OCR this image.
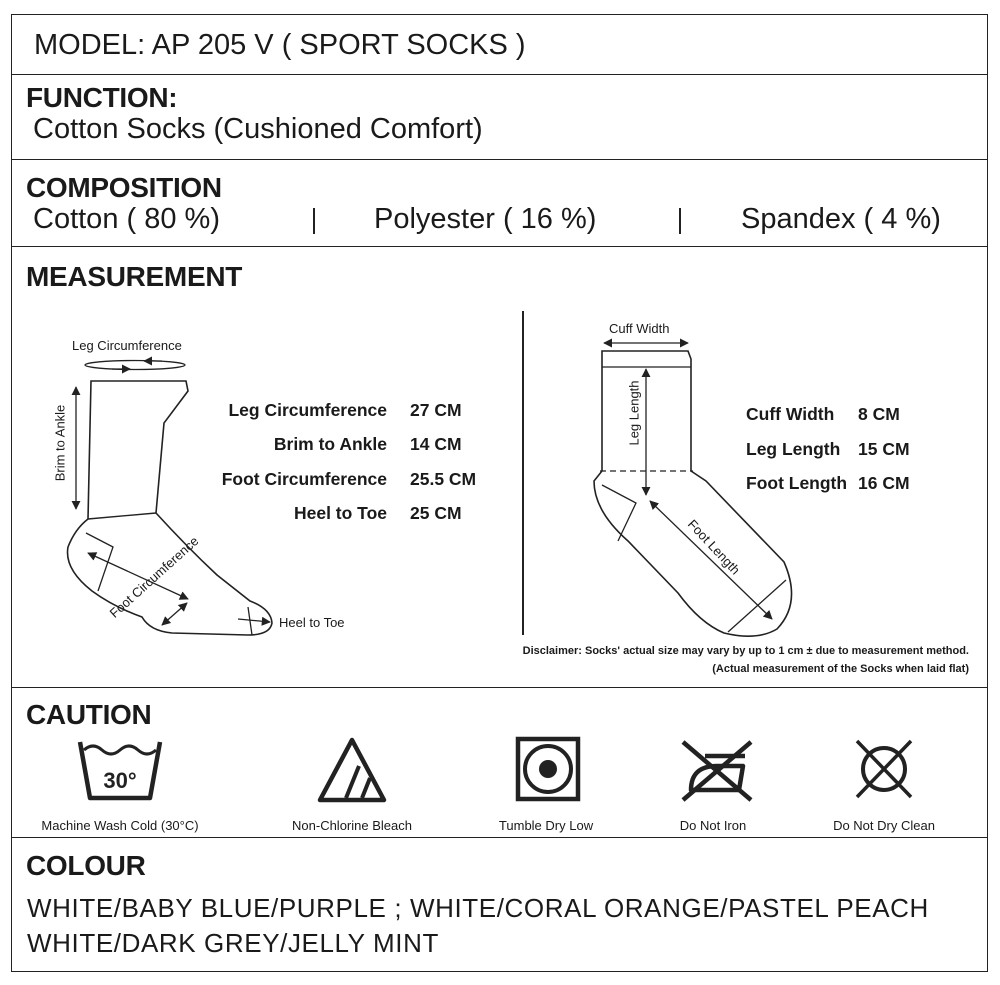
MODEL: AP 205 V ( SPORT SOCKS )
FUNCTION:
Cotton Socks (Cushioned Comfort)
COMPOSITION
Cotton ( 80 %)	Polyester ( 16 %)	Spandex ( 4 %)
MEASUREMENT
Leg Circumference
Brim to Ankle
Foot Circumference
Heel to Toe
Leg Circumference 27 CM
Brim to Ankle 14 CM
Foot Circumference 25.5 CM
Heel to Toe 25 CM
Cuff Width
Leg Length
Foot Length
Cuff Width 8 CM
Leg Length 15 CM
Foot Length 16 CM
Disclaimer: Socks' actual size may vary by up to 1 cm ± due to measurement method.
(Actual measurement of the Socks when laid flat)
CAUTION
30°
Machine Wash Cold (30°C)	Non-Chlorine Bleach	Tumble Dry Low	Do Not Iron	Do Not Dry Clean
COLOUR
WHITE/BABY BLUE/PURPLE ; WHITE/CORAL ORANGE/PASTEL PEACH
WHITE/DARK GREY/JELLY MINT
